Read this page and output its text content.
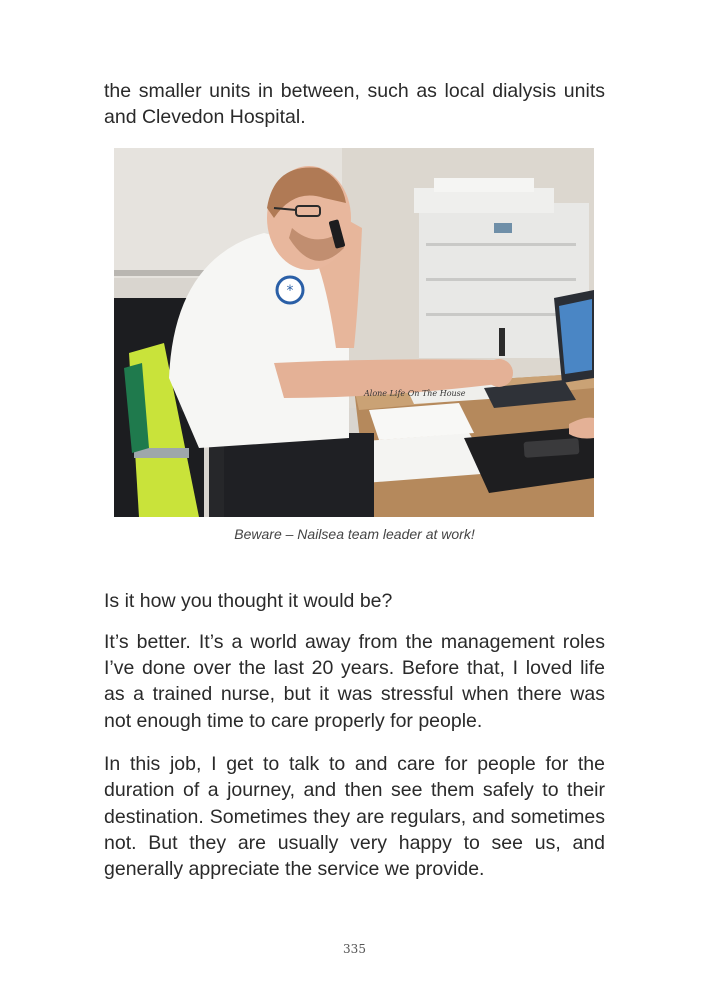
the smaller units in between, such as local dialysis units and Clevedon Hospital.

*
Alone Life On The House
Beware – Nailsea team leader at work!

Is it how you thought it would be?

It’s better. It’s a world away from the management roles I’ve done over the last 20 years. Before that, I loved life as a trained nurse, but it was stressful when there was not enough time to care properly for people.

In this job, I get to talk to and care for people for the duration of a journey, and then see them safely to their destination. Sometimes they are regulars, and sometimes not. But they are usually very happy to see us, and generally appreciate the service we provide.

335
